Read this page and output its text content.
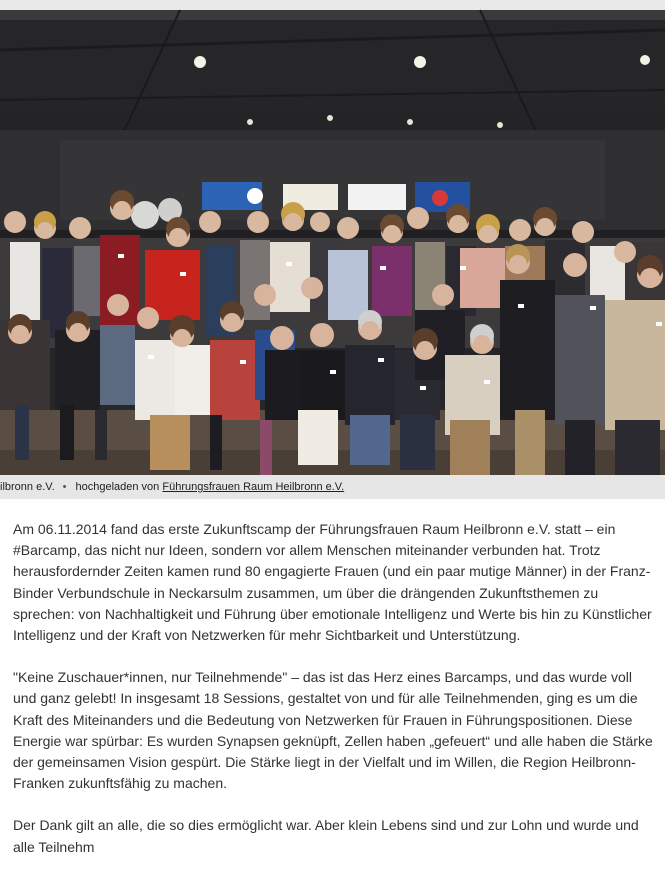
ilbronn e.V. • hochgeladen von Führungsfrauen Raum Heilbronn e.V.

Am 06.11.2014 fand das erste Zukunftscamp der Führungsfrauen Raum Heilbronn e.V. statt – ein #Barcamp, das nicht nur Ideen, sondern vor allem Menschen miteinander verbunden hat. Trotz herausfordernder Zeiten kamen rund 80 engagierte Frauen (und ein paar mutige Männer) in der Franz-Binder Verbundschule in Neckarsulm zusammen, um über die drängenden Zukunftsthemen zu sprechen: von Nachhaltigkeit und Führung über emotionale Intelligenz und Werte bis hin zu Künstlicher Intelligenz und der Kraft von Netzwerken für mehr Sichtbarkeit und Unterstützung.

"Keine Zuschauer*innen, nur Teilnehmende" – das ist das Herz eines Barcamps, und das wurde voll und ganz gelebt! In insgesamt 18 Sessions, gestaltet von und für alle Teilnehmenden, ging es um die Kraft des Miteinanders und die Bedeutung von Netzwerken für Frauen in Führungspositionen. Diese Energie war spürbar: Es wurden Synapsen geknüpft, Zellen haben „gefeuert“ und alle haben die Stärke der gemeinsamen Vision gespürt. Die Stärke liegt in der Vielfalt und im Willen, die Region Heilbronn-Franken zukunftsfähig zu machen.

Der Dank gilt an alle, die so dies ermöglicht war. Aber klein Lebens sind und zur Lohn und wurde und alle Teilnehm
